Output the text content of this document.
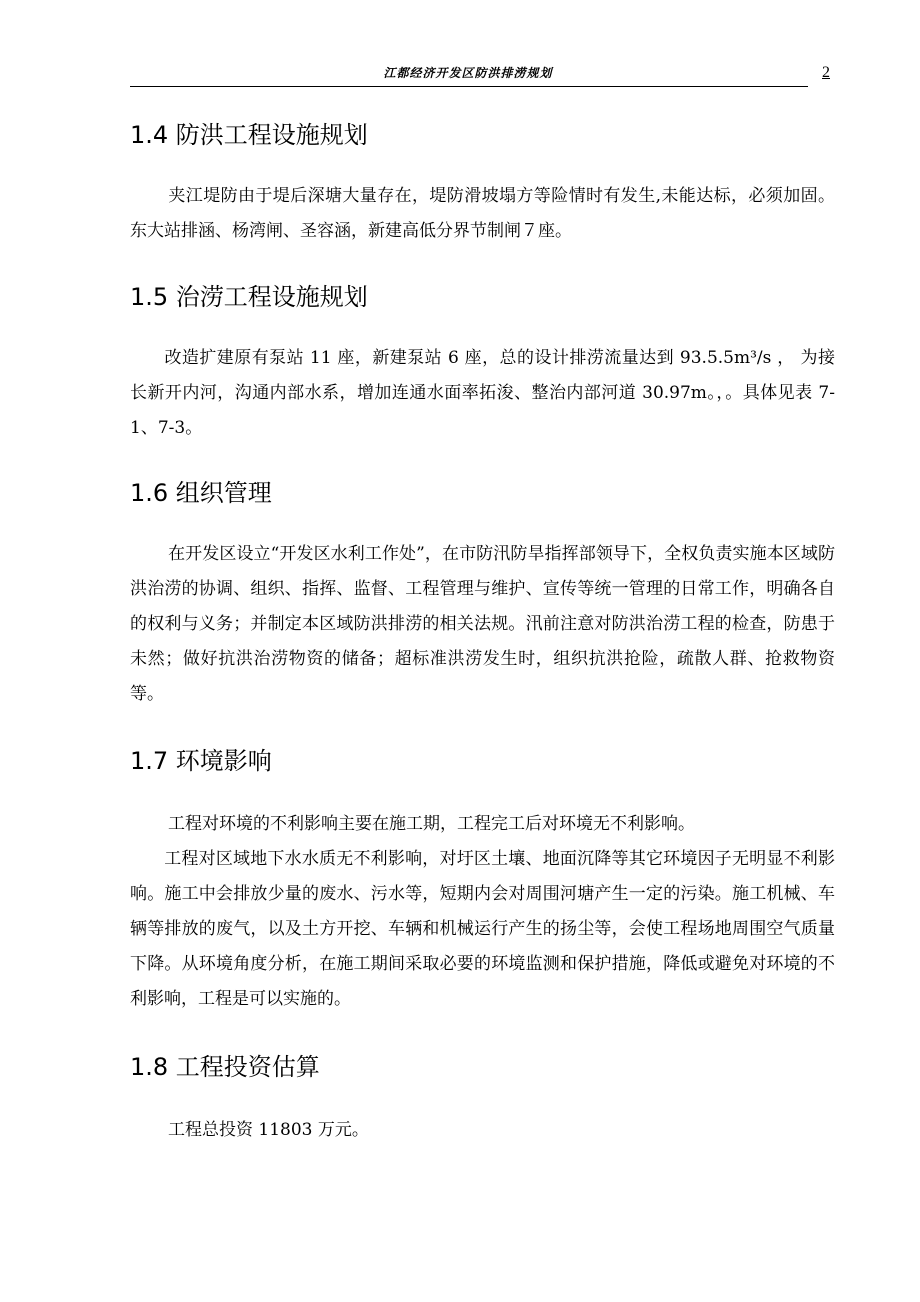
江都经济开发区防洪排涝规划	2
1.4 防洪工程设施规划

夹江堤防由于堤后深塘大量存在，堤防滑坡塌方等险情时有发生,未能达标，必须加固。东大站排涵、杨湾闸、圣容涵，新建高低分界节制闸７座。

1.5 治涝工程设施规划

改造扩建原有泵站 11 座，新建泵站 6 座，总的设计排涝流量达到 93.5.5m³/s ， 为接长新开内河，沟通内部水系，增加连通水面率拓浚、整治内部河道 30.97m。，。具体见表 7-1、7-3。

1.6 组织管理

在开发区设立“开发区水利工作处”，在市防汛防旱指挥部领导下，全权负责实施本区域防洪治涝的协调、组织、指挥、监督、工程管理与维护、宣传等统一管理的日常工作，明确各自的权利与义务；并制定本区域防洪排涝的相关法规。汛前注意对防洪治涝工程的检查，防患于未然；做好抗洪治涝物资的储备；超标准洪涝发生时，组织抗洪抢险，疏散人群、抢救物资等。

1.7 环境影响

工程对环境的不利影响主要在施工期，工程完工后对环境无不利影响。

工程对区域地下水水质无不利影响，对圩区土壤、地面沉降等其它环境因子无明显不利影响。施工中会排放少量的废水、污水等，短期内会对周围河塘产生一定的污染。施工机械、车辆等排放的废气，以及土方开挖、车辆和机械运行产生的扬尘等，会使工程场地周围空气质量下降。从环境角度分析，在施工期间采取必要的环境监测和保护措施，降低或避免对环境的不利影响，工程是可以实施的。

1.8 工程投资估算

工程总投资 11803 万元。
